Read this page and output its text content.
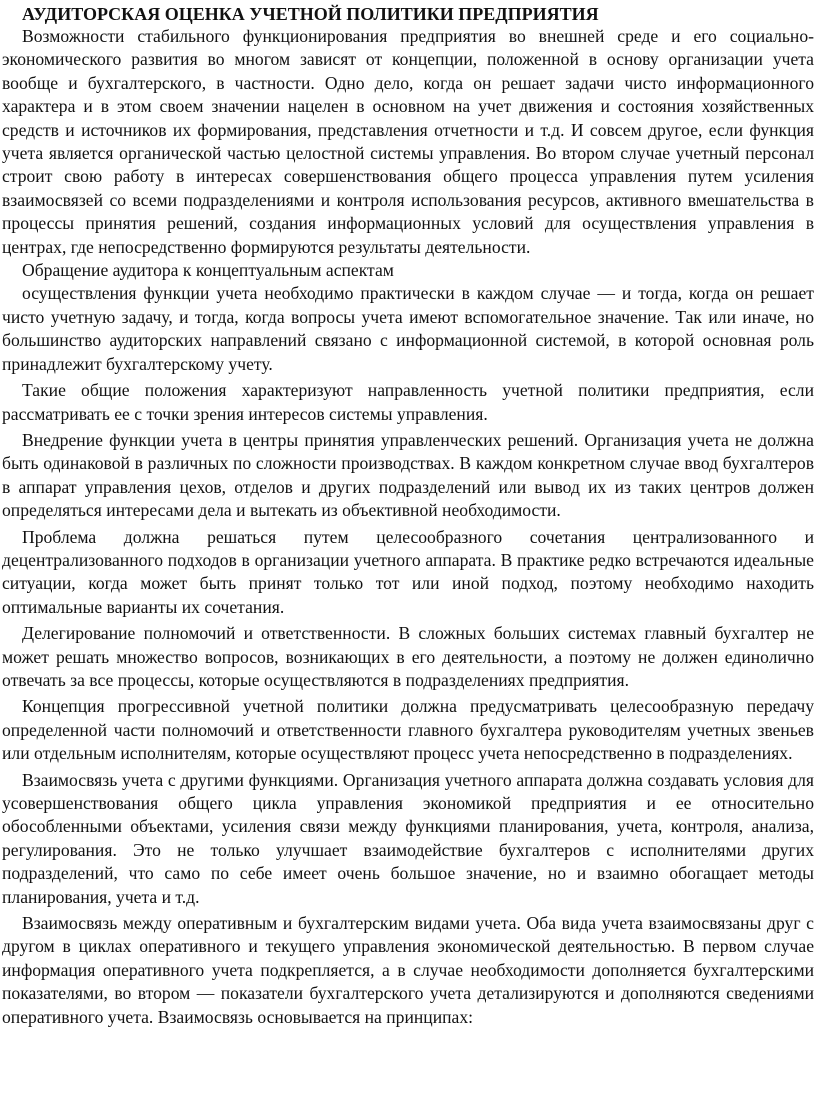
АУДИТОРСКАЯ ОЦЕНКА УЧЕТНОЙ ПОЛИТИКИ ПРЕДПРИЯТИЯ

Возможности стабильного функционирования предприятия во внешней среде и его социально-экономического развития во многом зависят от концепции, положенной в основу организации учета вообще и бухгалтерского, в частности. Одно дело, когда он решает задачи чисто информационного характера и в этом своем значении нацелен в основном на учет движения и состояния хозяйственных средств и источников их формирования, представления отчетности и т.д. И совсем другое, если функция учета является органической частью целостной системы управления. Во втором случае учетный персонал строит свою работу в интересах совершенствования общего процесса управления путем усиления взаимосвязей со всеми подразделениями и контроля использования ресурсов, активного вмешательства в процессы принятия решений, создания информационных условий для осуществления управления в центрах, где непосредственно формируются результаты деятельности.

Обращение аудитора к концептуальным аспектам

осуществления функции учета необходимо практически в каждом случае — и тогда, когда он решает чисто учетную задачу, и тогда, когда вопросы учета имеют вспомогательное значение. Так или иначе, но большинство аудиторских направлений связано с информационной системой, в которой основная роль принадлежит бухгалтерскому учету.

Такие общие положения характеризуют направленность учетной политики предприятия, если рассматривать ее с точки зрения интересов системы управления.

Внедрение функции учета в центры принятия управленческих решений. Организация учета не должна быть одинаковой в различных по сложности производствах. В каждом конкретном случае ввод бухгалтеров в аппарат управления цехов, отделов и других подразделений или вывод их из таких центров должен определяться интересами дела и вытекать из объективной необходимости.

Проблема должна решаться путем целесообразного сочетания централизованного и децентрализованного подходов в организации учетного аппарата. В практике редко встречаются идеальные ситуации, когда может быть принят только тот или иной подход, поэтому необходимо находить оптимальные варианты их сочетания.

Делегирование полномочий и ответственности. В сложных больших системах главный бухгалтер не может решать множество вопросов, возникающих в его деятельности, а поэтому не должен единолично отвечать за все процессы, которые осуществляются в подразделениях предприятия.

Концепция прогрессивной учетной политики должна предусматривать целесообразную передачу определенной части полномочий и ответственности главного бухгалтера руководителям учетных звеньев или отдельным исполнителям, которые осуществляют процесс учета непосредственно в подразделениях.

Взаимосвязь учета с другими функциями. Организация учетного аппарата должна создавать условия для усовершенствования общего цикла управления экономикой предприятия и ее относительно обособленными объектами, усиления связи между функциями планирования, учета, контроля, анализа, регулирования. Это не только улучшает взаимодействие бухгалтеров с исполнителями других подразделений, что само по себе имеет очень большое значение, но и взаимно обогащает методы планирования, учета и т.д.

Взаимосвязь между оперативным и бухгалтерским видами учета. Оба вида учета взаимосвязаны друг с другом в циклах оперативного и текущего управления экономической деятельностью. В первом случае информация оперативного учета подкрепляется, а в случае необходимости дополняется бухгалтерскими показателями, во втором — показатели бухгалтерского учета детализируются и дополняются сведениями оперативного учета. Взаимосвязь основывается на принципах:
